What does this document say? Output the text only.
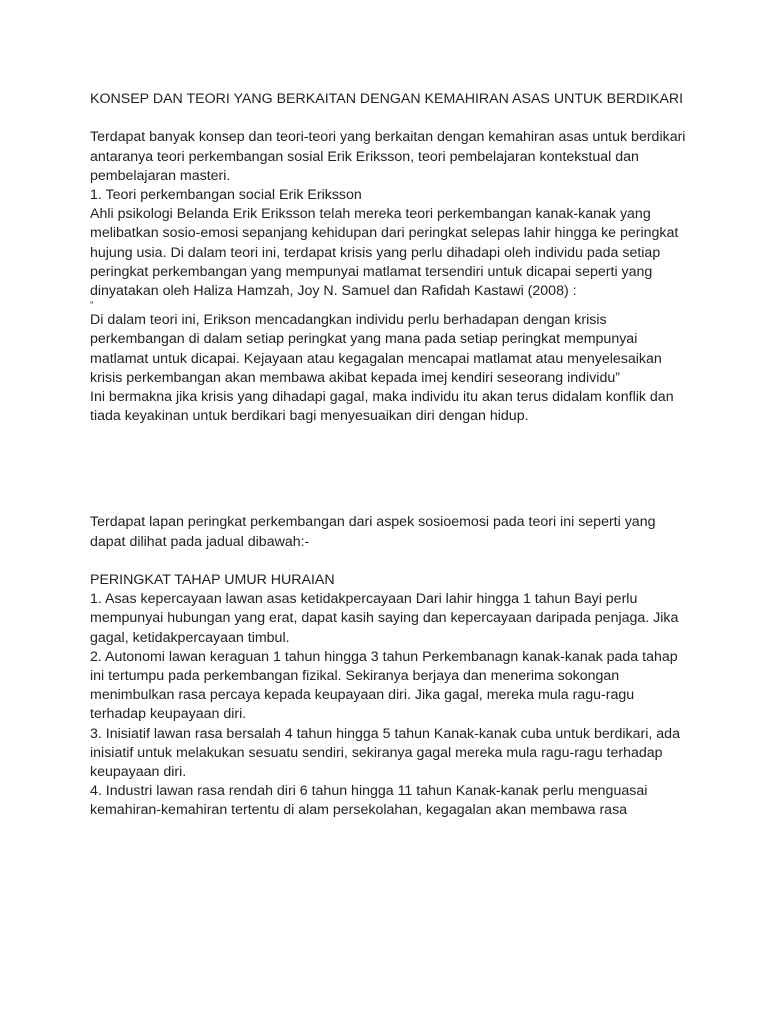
KONSEP DAN TEORI YANG BERKAITAN DENGAN KEMAHIRAN ASAS UNTUK BERDIKARI

Terdapat banyak konsep dan teori-teori yang berkaitan dengan kemahiran asas untuk berdikari antaranya teori perkembangan sosial Erik Eriksson, teori pembelajaran kontekstual dan pembelajaran masteri.

1. Teori perkembangan social Erik Eriksson

Ahli psikologi Belanda Erik Eriksson telah mereka teori perkembangan kanak-kanak yang melibatkan sosio-emosi sepanjang kehidupan dari peringkat selepas lahir hingga ke peringkat hujung usia. Di dalam teori ini, terdapat krisis yang perlu dihadapi oleh individu pada setiap peringkat perkembangan yang mempunyai matlamat tersendiri untuk dicapai seperti yang dinyatakan oleh Haliza Hamzah, Joy N. Samuel dan Rafidah Kastawi (2008) :

“

Di dalam teori ini, Erikson mencadangkan individu perlu berhadapan dengan krisis perkembangan di dalam setiap peringkat yang mana pada setiap peringkat mempunyai matlamat untuk dicapai. Kejayaan atau kegagalan mencapai matlamat atau menyelesaikan krisis perkembangan akan membawa akibat kepada imej kendiri seseorang individu”

Ini bermakna jika krisis yang dihadapi gagal, maka individu itu akan terus didalam konflik dan tiada keyakinan untuk berdikari bagi menyesuaikan diri dengan hidup.

Terdapat lapan peringkat perkembangan dari aspek sosioemosi pada teori ini seperti yang dapat dilihat pada jadual dibawah:-

PERINGKAT TAHAP UMUR HURAIAN

1. Asas kepercayaan lawan asas ketidakpercayaan Dari lahir hingga 1 tahun Bayi perlu mempunyai hubungan yang erat, dapat kasih saying dan kepercayaan daripada penjaga. Jika gagal, ketidakpercayaan timbul.

2. Autonomi lawan keraguan 1 tahun hingga 3 tahun Perkembanagn kanak-kanak pada tahap ini tertumpu pada perkembangan fizikal. Sekiranya berjaya dan menerima sokongan menimbulkan rasa percaya kepada keupayaan diri. Jika gagal, mereka mula ragu-ragu terhadap keupayaan diri.

3. Inisiatif lawan rasa bersalah 4 tahun hingga 5 tahun Kanak-kanak cuba untuk berdikari, ada inisiatif untuk melakukan sesuatu sendiri, sekiranya gagal mereka mula ragu-ragu terhadap keupayaan diri.

4. Industri lawan rasa rendah diri 6 tahun hingga 11 tahun Kanak-kanak perlu menguasai kemahiran-kemahiran tertentu di alam persekolahan, kegagalan akan membawa rasa
